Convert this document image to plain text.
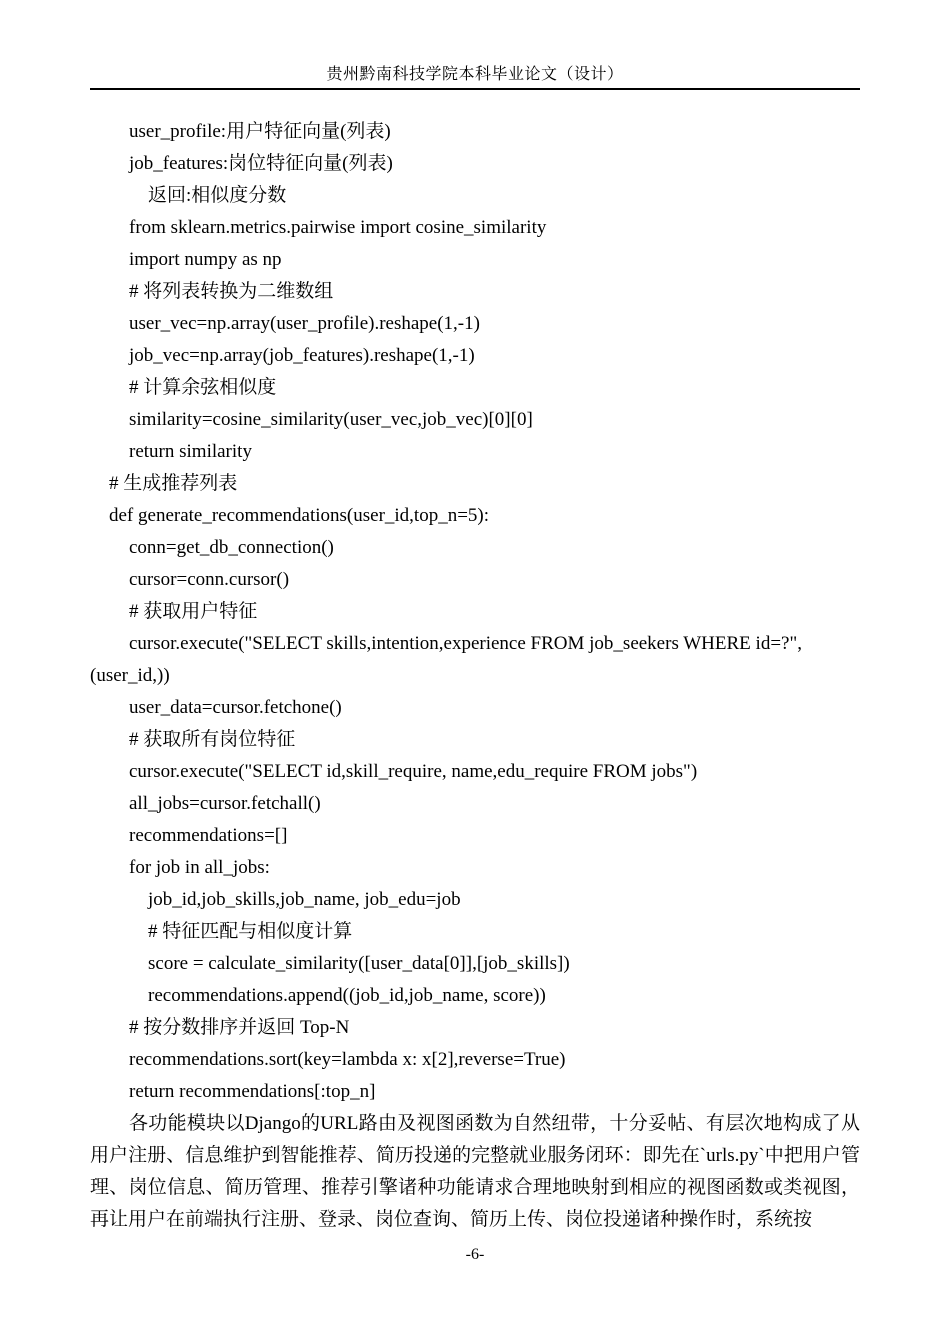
贵州黔南科技学院本科毕业论文（设计）
user_profile:用户特征向量(列表)
job_features:岗位特征向量(列表)
返回:相似度分数
from sklearn.metrics.pairwise import cosine_similarity
import numpy as np
# 将列表转换为二维数组
user_vec=np.array(user_profile).reshape(1,-1)
job_vec=np.array(job_features).reshape(1,-1)
# 计算余弦相似度
similarity=cosine_similarity(user_vec,job_vec)[0][0]
return similarity
# 生成推荐列表
def generate_recommendations(user_id,top_n=5):
conn=get_db_connection()
cursor=conn.cursor()
# 获取用户特征
cursor.execute("SELECT skills,intention,experience FROM job_seekers WHERE id=?",
(user_id,))
user_data=cursor.fetchone()
# 获取所有岗位特征
cursor.execute("SELECT id,skill_require, name,edu_require FROM jobs")
all_jobs=cursor.fetchall()
recommendations=[]
for job in all_jobs:
job_id,job_skills,job_name, job_edu=job
# 特征匹配与相似度计算
score = calculate_similarity([user_data[0]],[job_skills])
recommendations.append((job_id,job_name, score))
# 按分数排序并返回 Top-N
recommendations.sort(key=lambda x: x[2],reverse=True)
return recommendations[:top_n]

各功能模块以Django的URL路由及视图函数为自然纽带，十分妥帖、有层次地构成了从用户注册、信息维护到智能推荐、简历投递的完整就业服务闭环：即先在`urls.py`中把用户管理、岗位信息、简历管理、推荐引擎诸种功能请求合理地映射到相应的视图函数或类视图，再让用户在前端执行注册、登录、岗位查询、简历上传、岗位投递诸种操作时，系统按

-6-
